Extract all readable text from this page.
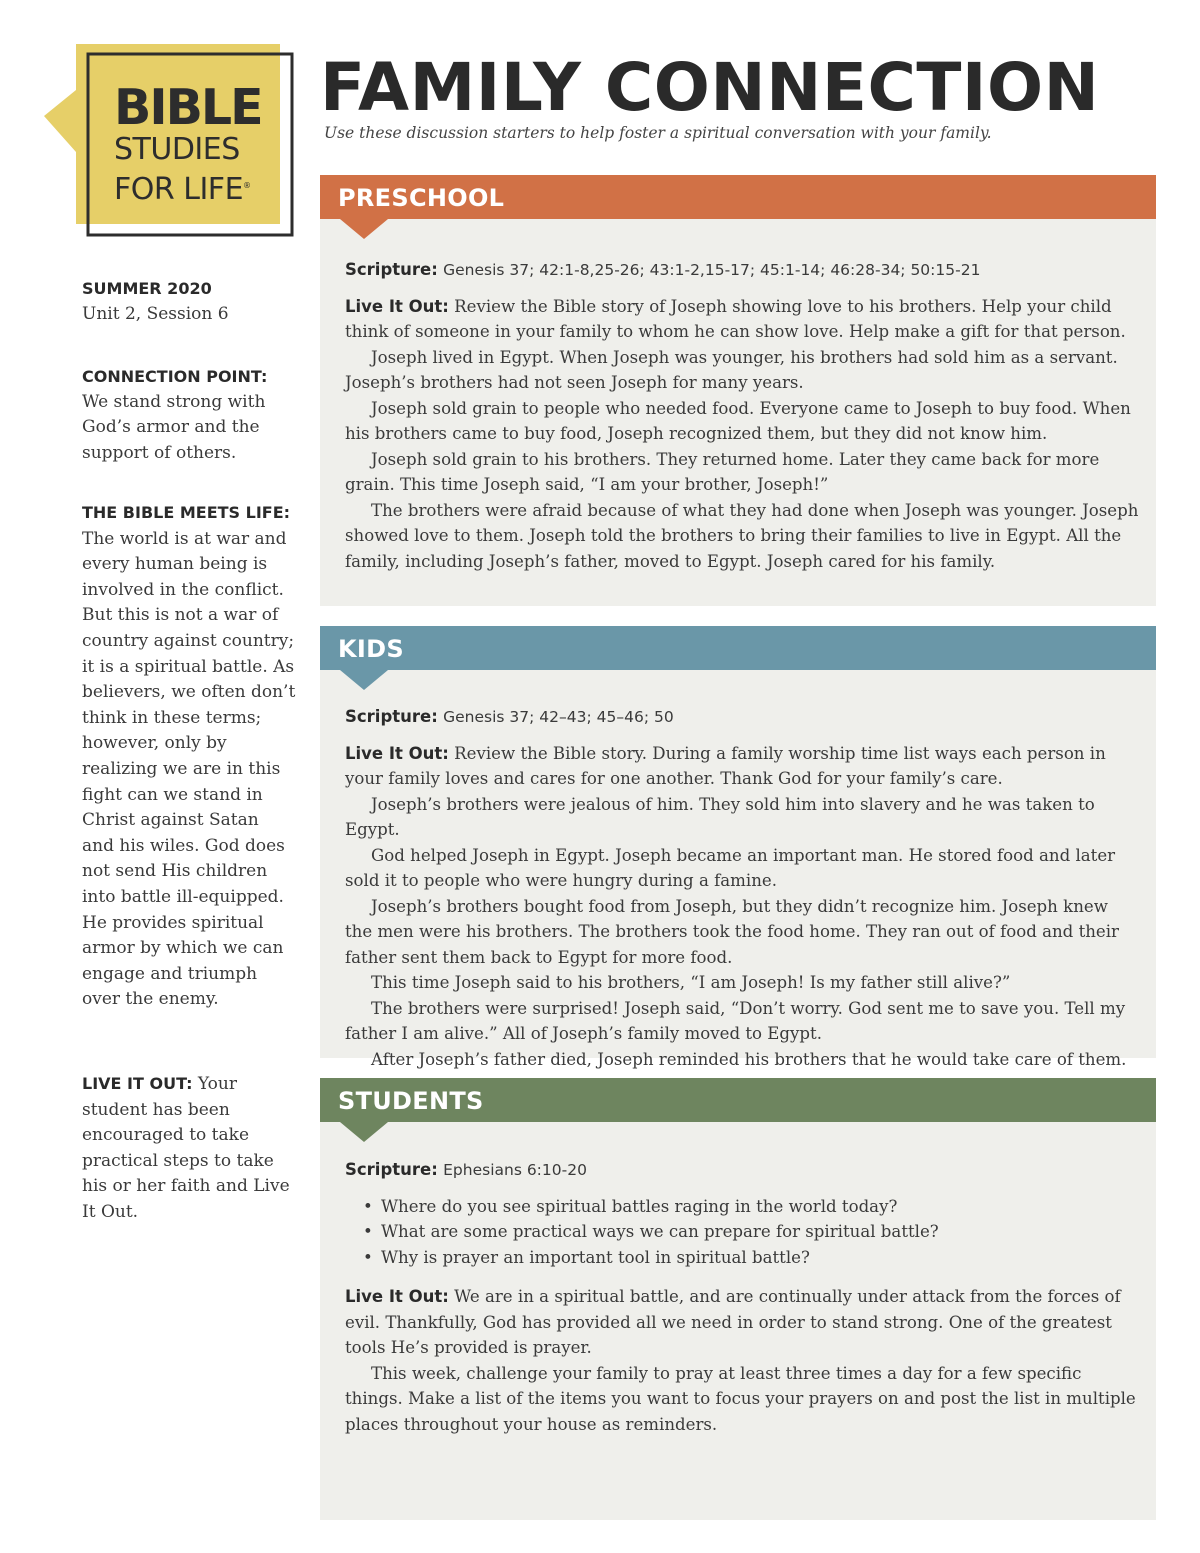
BIBLE
STUDIES
FOR LIFE®
FAMILY CONNECTION
Use these discussion starters to help foster a spiritual conversation with your family.
SUMMER 2020
Unit 2, Session 6
CONNECTION POINT:
We stand strong with God’s armor and the support of others.
THE BIBLE MEETS LIFE: The world is at war and every human being is involved in the conflict. But this is not a war of country against country; it is a spiritual battle. As believers, we often don’t think in these terms; however, only by realizing we are in this fight can we stand in Christ against Satan and his wiles. God does not send His children into battle ill-equipped. He provides spiritual armor by which we can engage and triumph over the enemy.
LIVE IT OUT: Your student has been encouraged to take practical steps to take his or her faith and Live It Out.
PRESCHOOL

Scripture: Genesis 37; 42:1-8,25-26; 43:1-2,15-17; 45:1-14; 46:28-34; 50:15-21

Live It Out: Review the Bible story of Joseph showing love to his brothers. Help your child think of someone in your family to whom he can show love. Help make a gift for that person.

Joseph lived in Egypt. When Joseph was younger, his brothers had sold him as a servant. Joseph’s brothers had not seen Joseph for many years.

Joseph sold grain to people who needed food. Everyone came to Joseph to buy food. When his brothers came to buy food, Joseph recognized them, but they did not know him.

Joseph sold grain to his brothers. They returned home. Later they came back for more grain. This time Joseph said, “I am your brother, Joseph!”

The brothers were afraid because of what they had done when Joseph was younger. Joseph showed love to them. Joseph told the brothers to bring their families to live in Egypt. All the family, including Joseph’s father, moved to Egypt. Joseph cared for his family.

KIDS

Scripture: Genesis 37; 42–43; 45–46; 50

Live It Out: Review the Bible story. During a family worship time list ways each person in your family loves and cares for one another. Thank God for your family’s care.

Joseph’s brothers were jealous of him. They sold him into slavery and he was taken to Egypt.

God helped Joseph in Egypt. Joseph became an important man. He stored food and later sold it to people who were hungry during a famine.

Joseph’s brothers bought food from Joseph, but they didn’t recognize him. Joseph knew the men were his brothers. The brothers took the food home. They ran out of food and their father sent them back to Egypt for more food.

This time Joseph said to his brothers, “I am Joseph! Is my father still alive?”

The brothers were surprised! Joseph said, “Don’t worry. God sent me to save you. Tell my father I am alive.” All of Joseph’s family moved to Egypt.

After Joseph’s father died, Joseph reminded his brothers that he would take care of them.

STUDENTS

Scripture: Ephesians 6:10-20

• Where do you see spiritual battles raging in the world today?
• What are some practical ways we can prepare for spiritual battle?
• Why is prayer an important tool in spiritual battle?

Live It Out: We are in a spiritual battle, and are continually under attack from the forces of evil. Thankfully, God has provided all we need in order to stand strong. One of the greatest tools He’s provided is prayer.

This week, challenge your family to pray at least three times a day for a few specific things. Make a list of the items you want to focus your prayers on and post the list in multiple places throughout your house as reminders.
